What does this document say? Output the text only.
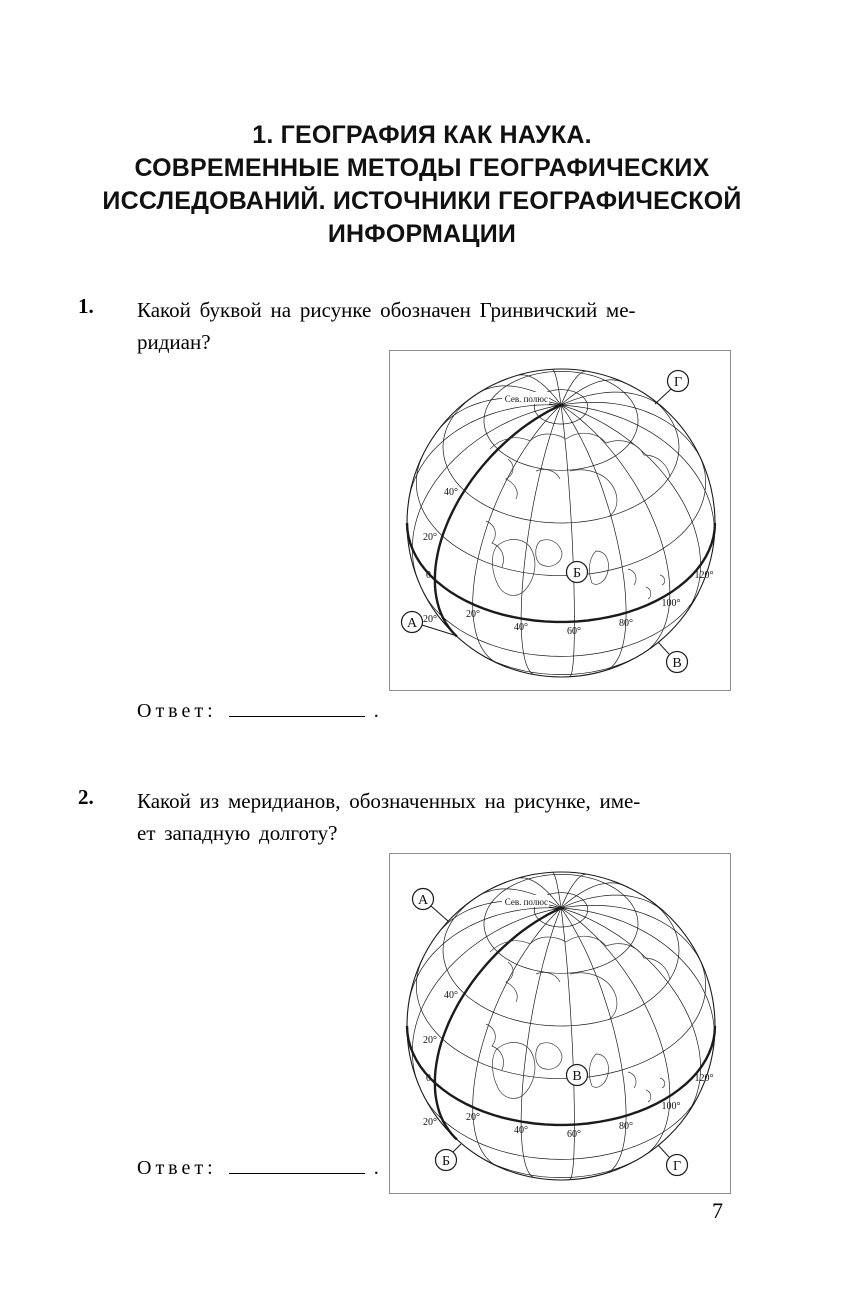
1. ГЕОГРАФИЯ КАК НАУКА.
СОВРЕМЕННЫЕ МЕТОДЫ ГЕОГРАФИЧЕСКИХ
ИССЛЕДОВАНИЙ. ИСТОЧНИКИ ГЕОГРАФИЧЕСКОЙ
ИНФОРМАЦИИ
1. Какой буквой на рисунке обозначен Гринвичский ме-
ридиан?
40°
20°
0
20°	20°
40°	60°
80°
100°
120°
Сев. полюс
Г
Б
А
В
Ответ:	.
2. Какой из меридианов, обозначенных на рисунке, име-
ет западную долготу?
40°
20°
0
20°	20°
40°	60°
80°
100°
120°
Сев. полюс
А
В
Б	Г
Ответ:	.
7
